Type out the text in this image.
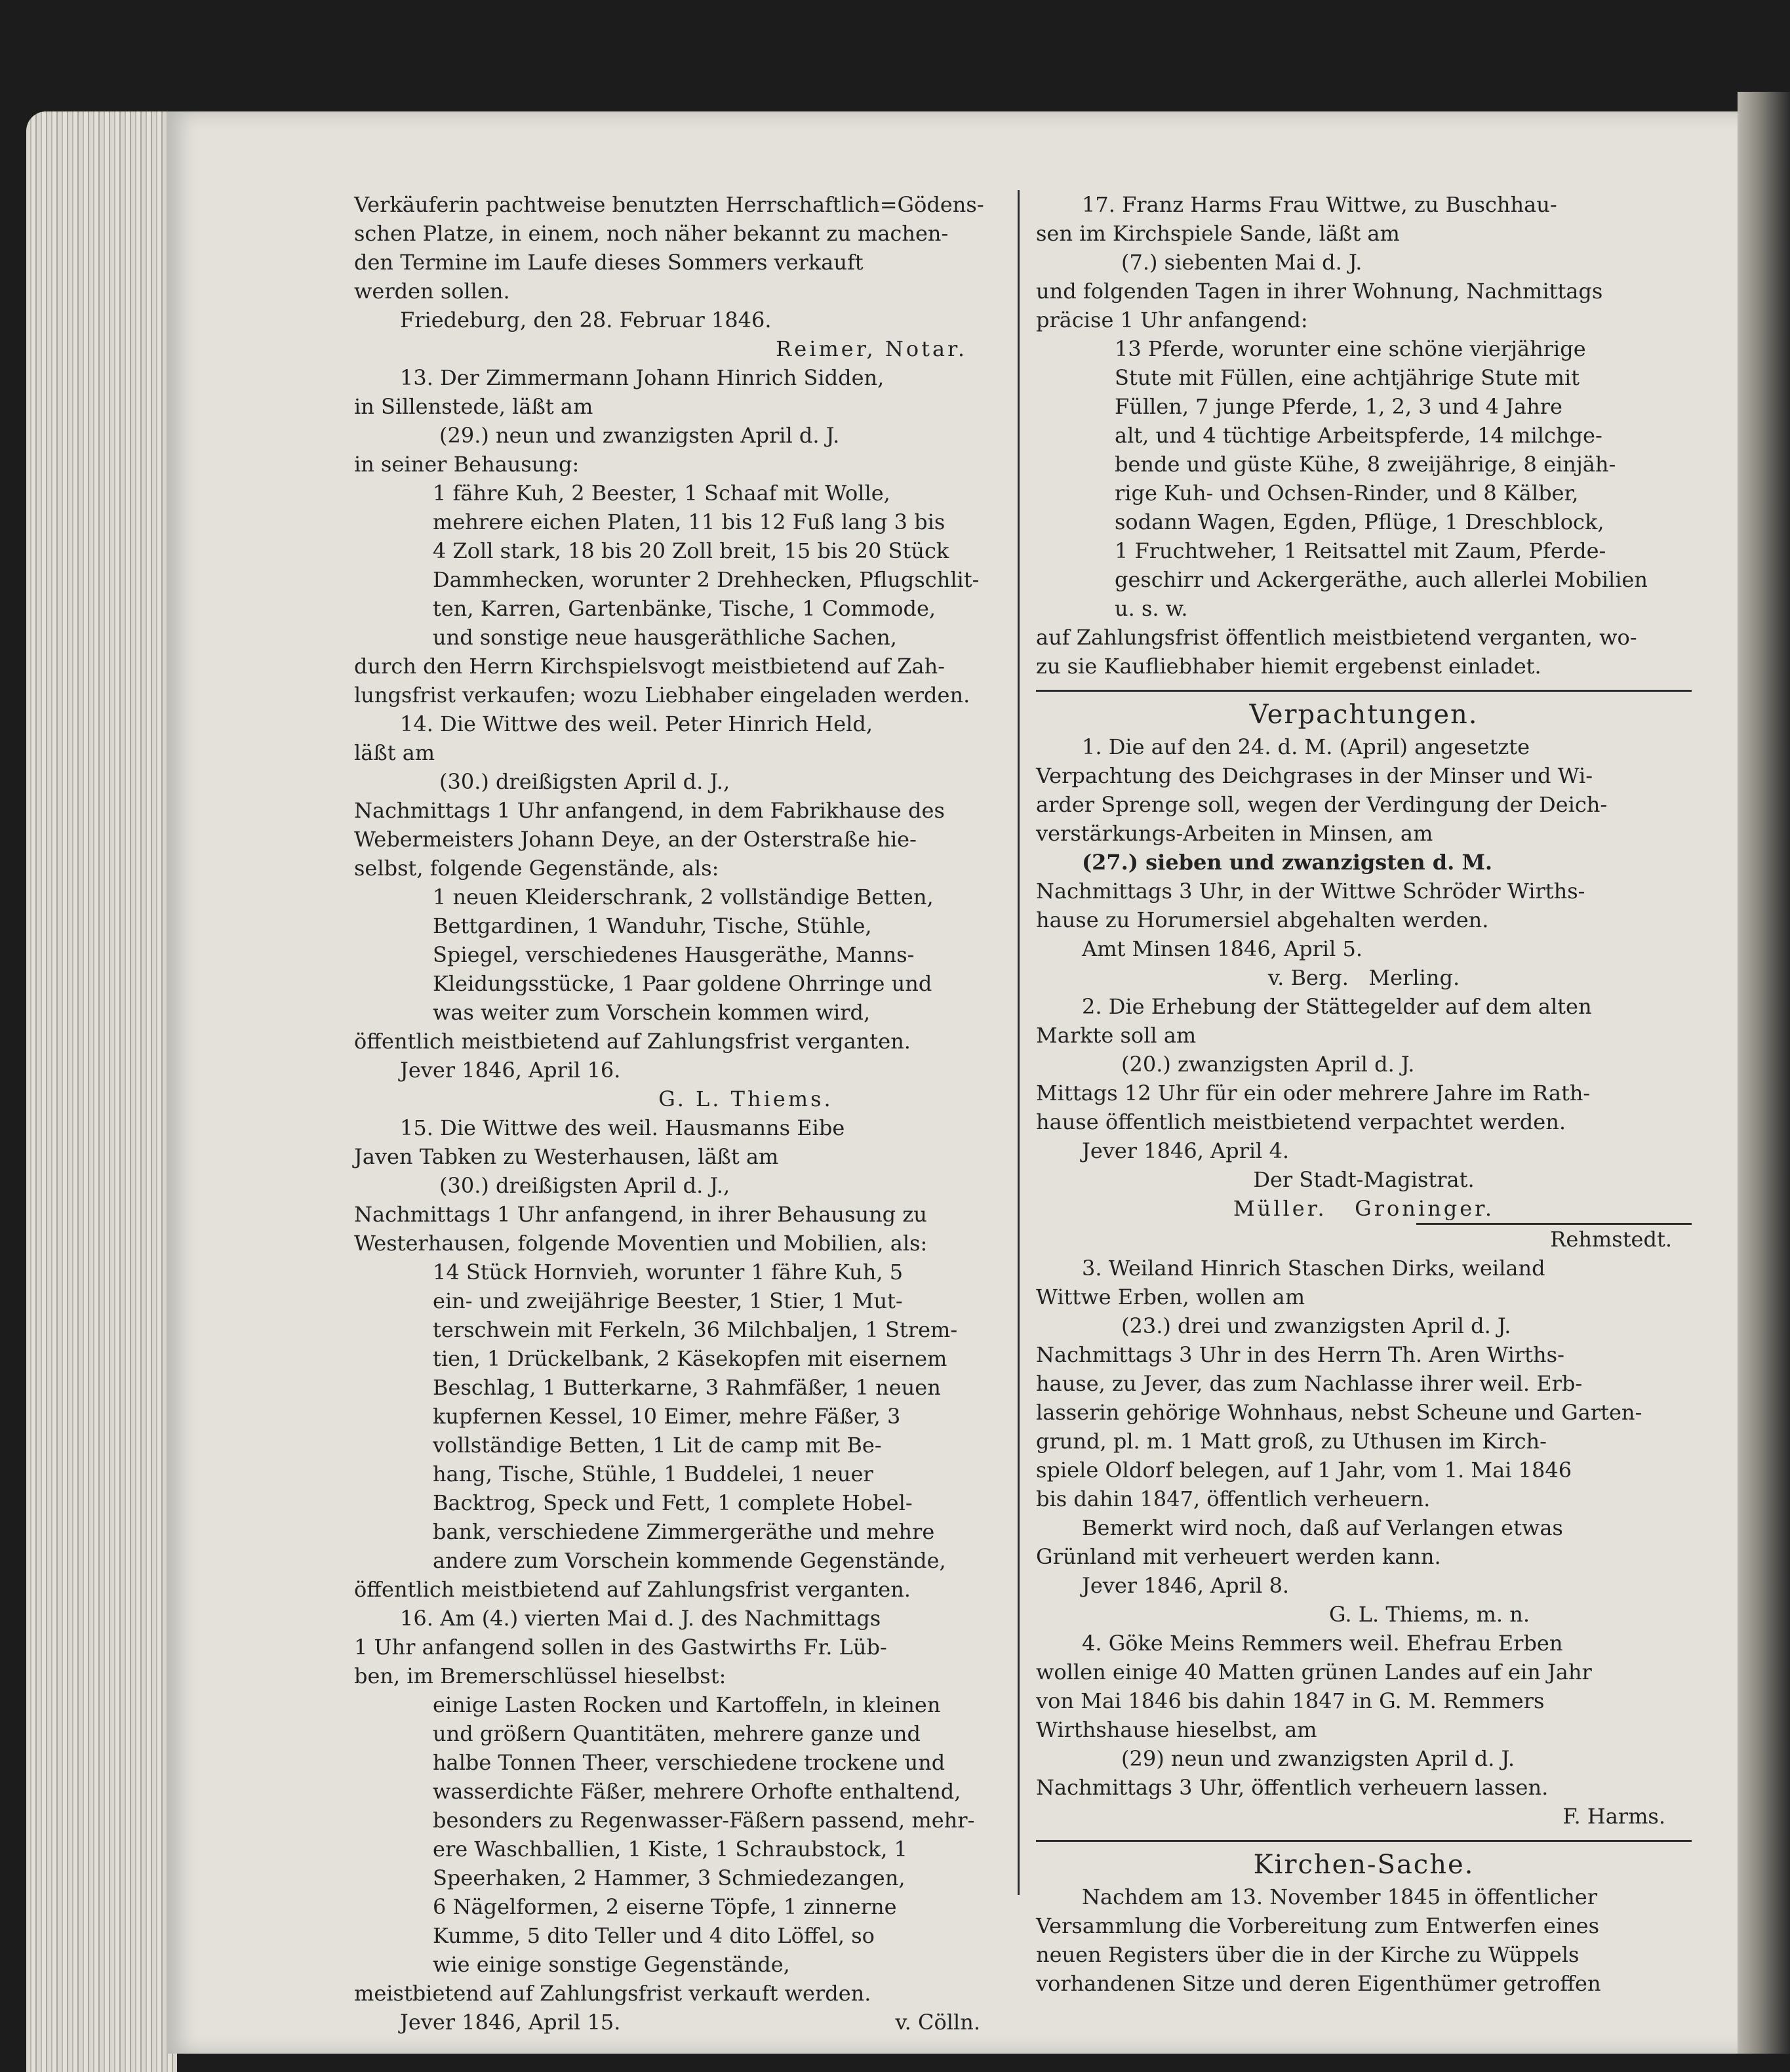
Verkäuferin pachtweise benutzten Herrschaftlich=Gödens-

schen Platze, in einem, noch näher bekannt zu machen-

den Termine im Laufe dieses Sommers verkauft

werden sollen.

Friedeburg, den 28. Februar 1846.

Reimer, Notar.

13. Der Zimmermann Johann Hinrich Sidden,

in Sillenstede, läßt am

(29.) neun und zwanzigsten April d. J.

in seiner Behausung:

1 fähre Kuh, 2 Beester, 1 Schaaf mit Wolle,

mehrere eichen Platen, 11 bis 12 Fuß lang 3 bis

4 Zoll stark, 18 bis 20 Zoll breit, 15 bis 20 Stück

Dammhecken, worunter 2 Drehhecken, Pflugschlit-

ten, Karren, Gartenbänke, Tische, 1 Commode,

und sonstige neue hausgeräthliche Sachen,

durch den Herrn Kirchspielsvogt meistbietend auf Zah-

lungsfrist verkaufen; wozu Liebhaber eingeladen werden.

14. Die Wittwe des weil. Peter Hinrich Held,

läßt am

(30.) dreißigsten April d. J.,

Nachmittags 1 Uhr anfangend, in dem Fabrikhause des

Webermeisters Johann Deye, an der Osterstraße hie-

selbst, folgende Gegenstände, als:

1 neuen Kleiderschrank, 2 vollständige Betten,

Bettgardinen, 1 Wanduhr, Tische, Stühle,

Spiegel, verschiedenes Hausgeräthe, Manns-

Kleidungsstücke, 1 Paar goldene Ohrringe und

was weiter zum Vorschein kommen wird,

öffentlich meistbietend auf Zahlungsfrist verganten.

Jever 1846, April 16.

G. L. Thiems.

15. Die Wittwe des weil. Hausmanns Eibe

Javen Tabken zu Westerhausen, läßt am

(30.) dreißigsten April d. J.,

Nachmittags 1 Uhr anfangend, in ihrer Behausung zu

Westerhausen, folgende Moventien und Mobilien, als:

14 Stück Hornvieh, worunter 1 fähre Kuh, 5

ein- und zweijährige Beester, 1 Stier, 1 Mut-

terschwein mit Ferkeln, 36 Milchbaljen, 1 Strem-

tien, 1 Drückelbank, 2 Käsekopfen mit eisernem

Beschlag, 1 Butterkarne, 3 Rahmfäßer, 1 neuen

kupfernen Kessel, 10 Eimer, mehre Fäßer, 3

vollständige Betten, 1 Lit de camp mit Be-

hang, Tische, Stühle, 1 Buddelei, 1 neuer

Backtrog, Speck und Fett, 1 complete Hobel-

bank, verschiedene Zimmergeräthe und mehre

andere zum Vorschein kommende Gegenstände,

öffentlich meistbietend auf Zahlungsfrist verganten.

16. Am (4.) vierten Mai d. J. des Nachmittags

1 Uhr anfangend sollen in des Gastwirths Fr. Lüb-

ben, im Bremerschlüssel hieselbst:

einige Lasten Rocken und Kartoffeln, in kleinen

und größern Quantitäten, mehrere ganze und

halbe Tonnen Theer, verschiedene trockene und

wasserdichte Fäßer, mehrere Orhofte enthaltend,

besonders zu Regenwasser-Fäßern passend, mehr-

ere Waschballien, 1 Kiste, 1 Schraubstock, 1

Speerhaken, 2 Hammer, 3 Schmiedezangen,

6 Nägelformen, 2 eiserne Töpfe, 1 zinnerne

Kumme, 5 dito Teller und 4 dito Löffel, so

wie einige sonstige Gegenstände,

meistbietend auf Zahlungsfrist verkauft werden.

Jever 1846, April 15.	v. Cölln.

17. Franz Harms Frau Wittwe, zu Buschhau-

sen im Kirchspiele Sande, läßt am

(7.) siebenten Mai d. J.

und folgenden Tagen in ihrer Wohnung, Nachmittags

präcise 1 Uhr anfangend:

13 Pferde, worunter eine schöne vierjährige

Stute mit Füllen, eine achtjährige Stute mit

Füllen, 7 junge Pferde, 1, 2, 3 und 4 Jahre

alt, und 4 tüchtige Arbeitspferde, 14 milchge-

bende und güste Kühe, 8 zweijährige, 8 einjäh-

rige Kuh- und Ochsen-Rinder, und 8 Kälber,

sodann Wagen, Egden, Pflüge, 1 Dreschblock,

1 Fruchtweher, 1 Reitsattel mit Zaum, Pferde-

geschirr und Ackergeräthe, auch allerlei Mobilien

u. s. w.

auf Zahlungsfrist öffentlich meistbietend verganten, wo-

zu sie Kaufliebhaber hiemit ergebenst einladet.

Verpachtungen.

1. Die auf den 24. d. M. (April) angesetzte

Verpachtung des Deichgrases in der Minser und Wi-

arder Sprenge soll, wegen der Verdingung der Deich-

verstärkungs-Arbeiten in Minsen, am

(27.) sieben und zwanzigsten d. M.

Nachmittags 3 Uhr, in der Wittwe Schröder Wirths-

hause zu Horumersiel abgehalten werden.

Amt Minsen 1846, April 5.

v. Berg.   Merling.

2. Die Erhebung der Stättegelder auf dem alten

Markte soll am

(20.) zwanzigsten April d. J.

Mittags 12 Uhr für ein oder mehrere Jahre im Rath-

hause öffentlich meistbietend verpachtet werden.

Jever 1846, April 4.

Der Stadt-Magistrat.

Müller.   Groninger.

Rehmstedt.

3. Weiland Hinrich Staschen Dirks, weiland

Wittwe Erben, wollen am

(23.) drei und zwanzigsten April d. J.

Nachmittags 3 Uhr in des Herrn Th. Aren Wirths-

hause, zu Jever, das zum Nachlasse ihrer weil. Erb-

lasserin gehörige Wohnhaus, nebst Scheune und Garten-

grund, pl. m. 1 Matt groß, zu Uthusen im Kirch-

spiele Oldorf belegen, auf 1 Jahr, vom 1. Mai 1846

bis dahin 1847, öffentlich verheuern.

Bemerkt wird noch, daß auf Verlangen etwas

Grünland mit verheuert werden kann.

Jever 1846, April 8.

G. L. Thiems, m. n.

4. Göke Meins Remmers weil. Ehefrau Erben

wollen einige 40 Matten grünen Landes auf ein Jahr

von Mai 1846 bis dahin 1847 in G. M. Remmers

Wirthshause hieselbst, am

(29) neun und zwanzigsten April d. J.

Nachmittags 3 Uhr, öffentlich verheuern lassen.

F. Harms.

Kirchen-Sache.

Nachdem am 13. November 1845 in öffentlicher

Versammlung die Vorbereitung zum Entwerfen eines

neuen Registers über die in der Kirche zu Wüppels

vorhandenen Sitze und deren Eigenthümer getroffen
